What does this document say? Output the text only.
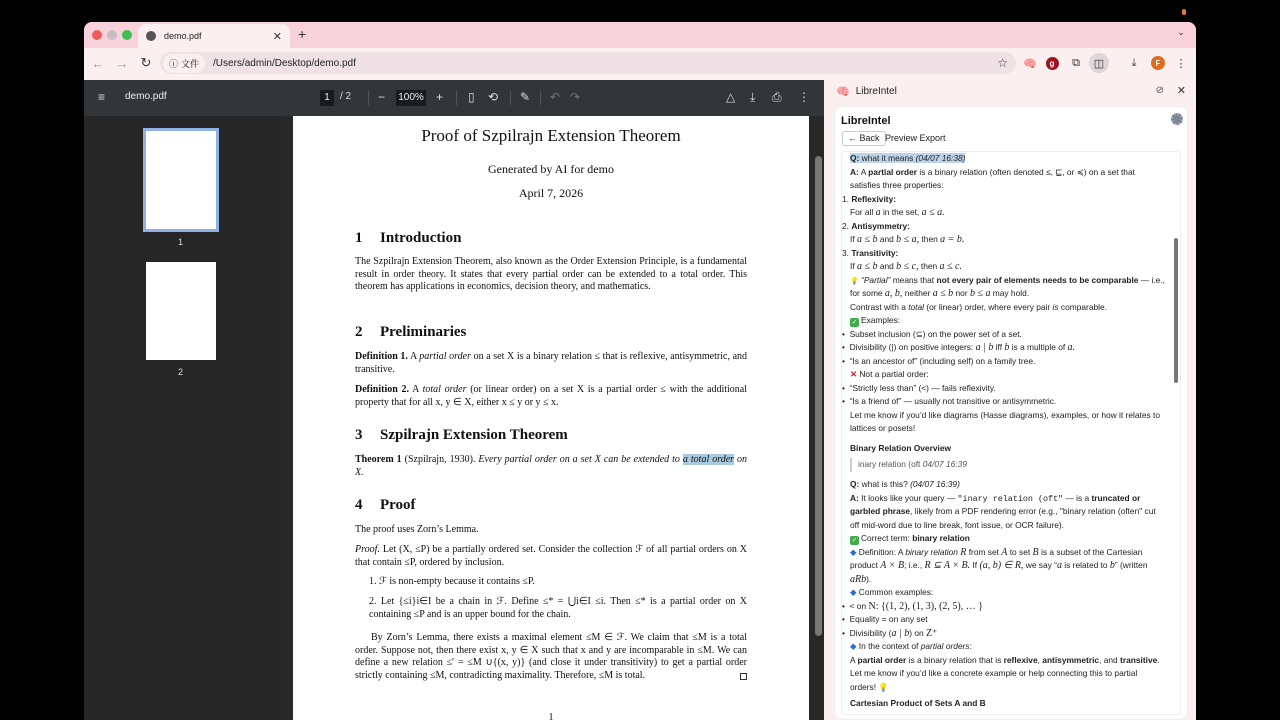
demo.pdf	✕ +	⌄
← → ↻	ⓘ 文件 /Users/admin/Desktop/demo.pdf	☆ 🧠	g	⧉	◫	⤓	F	⋮
≡ demo.pdf	1	/ 2 − 100% + ▯ ⟲ ✎ ↶ ↷	△ ⤓ ⎙ ⋮
1
2
Proof of Szpilrajn Extension Theorem
Generated by AI for demo
April 7, 2026
1 Introduction
The Szpilrajn Extension Theorem, also known as the Order Extension Principle, is a fundamental result in order theory. It states that every partial order can be extended to a total order. This theorem has applications in economics, decision theory, and mathematics.
2 Preliminaries
Definition 1. A partial order on a set X is a binary relation ≤ that is reflexive, antisymmetric, and transitive.
Definition 2. A total order (or linear order) on a set X is a partial order ≤ with the additional property that for all x, y ∈ X, either x ≤ y or y ≤ x.
3 Szpilrajn Extension Theorem
Theorem 1 (Szpilrajn, 1930). Every partial order on a set X can be extended to a total order on X.
4 Proof
The proof uses Zorn’s Lemma.
Proof. Let (X, ≤P) be a partially ordered set. Consider the collection ℱ of all partial orders on X that contain ≤P, ordered by inclusion.
1. ℱ is non-empty because it contains ≤P.
2. Let {≤i}i∈I be a chain in ℱ. Define ≤* = ⋃i∈I ≤i. Then ≤* is a partial order on X containing ≤P and is an upper bound for the chain.
By Zorn’s Lemma, there exists a maximal element ≤M ∈ ℱ. We claim that ≤M is a total order. Suppose not, then there exist x, y ∈ X such that x and y are incomparable in ≤M. We can define a new relation ≤′ = ≤M ∪{(x, y)} (and close it under transitivity) to get a partial order strictly containing ≤M, contradicting maximality. Therefore, ≤M is total.
1
🧠 LibreIntel	⊘ ✕
LibreIntel
← Back Preview Export
Q: what it means (04/07 16:38)
A: A partial order is a binary relation (often denoted ≤, ⊑, or ≼) on a set that
satisfies three properties:
1. Reflexivity:
For all a in the set, a ≤ a.
2. Antisymmetry:
If a ≤ b and b ≤ a, then a = b.
3. Transitivity:
If a ≤ b and b ≤ c, then a ≤ c.
💡 “Partial” means that not every pair of elements needs to be comparable — i.e.,
for some a, b, neither a ≤ b nor b ≤ a may hold.
Contrast with a total (or linear) order, where every pair is comparable.
✓ Examples:
•  Subset inclusion (⊆) on the power set of a set.
•  Divisibility (|) on positive integers: a | b iff b is a multiple of a.
•  “Is an ancestor of” (including self) on a family tree.
✕ Not a partial order:
•  “Strictly less than” (<) — fails reflexivity.
•  “Is a friend of” — usually not transitive or antisymmetric.
Let me know if you’d like diagrams (Hasse diagrams), examples, or how it relates to
lattices or posets!
Binary Relation Overview
inary relation (oft 04/07 16:39
Q: what is this? (04/07 16:39)
A: It looks like your query — "inary relation (oft" — is a truncated or
garbled phrase, likely from a PDF rendering error (e.g., "binary relation (often" cut
off mid-word due to line break, font issue, or OCR failure).
✓ Correct term: binary relation
◆ Definition: A binary relation R from set A to set B is a subset of the Cartesian
product A × B; i.e., R ⊆ A × B. If (a, b) ∈ R, we say “a is related to b” (written
aRb).
◆ Common examples:
•  < on N: {(1, 2), (1, 3), (2, 5), … }
•  Equality = on any set
•  Divisibility (a | b) on Z⁺
◆ In the context of partial orders:
A partial order is a binary relation that is reflexive, antisymmetric, and transitive.
Let me know if you’d like a concrete example or help connecting this to partial
orders! 💡
Cartesian Product of Sets A and B
